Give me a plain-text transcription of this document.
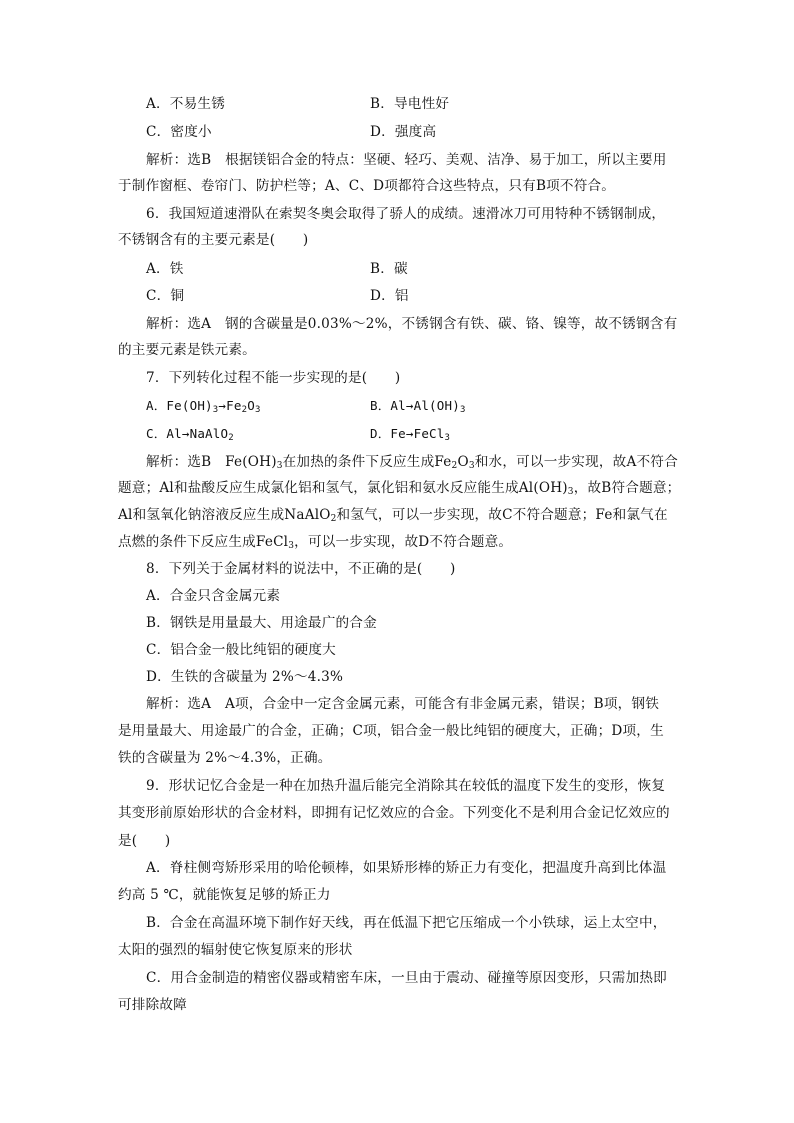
A．不易生锈	B．导电性好
C．密度小	D．强度高
解析：选B　根据镁铝合金的特点：坚硬、轻巧、美观、洁净、易于加工，所以主要用
于制作窗框、卷帘门、防护栏等；A、C、D项都符合这些特点，只有B项不符合。
6．我国短道速滑队在索契冬奥会取得了骄人的成绩。速滑冰刀可用特种不锈钢制成，
不锈钢含有的主要元素是(　　)
A．铁	B．碳
C．铜	D．铝
解析：选A　钢的含碳量是0.03%～2%，不锈钢含有铁、碳、铬、镍等，故不锈钢含有
的主要元素是铁元素。
7．下列转化过程不能一步实现的是(　　)
A．$Fe(OH)_3\to Fe_2O_3$	B．$Al\to Al(OH)_3$
C．Al→NaAlO$_2$	D．Fe→FeCl$_3$
解析：选B　$Fe(OH)_3$在加热的条件下反应生成$Fe_2O_3$和水，可以一步实现，故A不符合
题意；Al和盐酸反应生成氯化铝和氢气，氯化铝和氨水反应能生成$Al(OH)_3$，故B符合题意；
Al和氢氧化钠溶液反应生成NaAlO$_2$和氢气，可以一步实现，故C不符合题意；Fe和氯气在
点燃的条件下反应生成FeCl$_3$，可以一步实现，故D不符合题意。
8．下列关于金属材料的说法中，不正确的是(　　)
A．合金只含金属元素
B．钢铁是用量最大、用途最广的合金
C．铝合金一般比纯铝的硬度大
D．生铁的含碳量为 2%～4.3%
解析：选A　A项，合金中一定含金属元素，可能含有非金属元素，错误；B项，钢铁
是用量最大、用途最广的合金，正确；C项，铝合金一般比纯铝的硬度大，正确；D项，生
铁的含碳量为 2%～4.3%，正确。
9．形状记忆合金是一种在加热升温后能完全消除其在较低的温度下发生的变形，恢复
其变形前原始形状的合金材料，即拥有记忆效应的合金。下列变化不是利用合金记忆效应的
是(　　)
A．脊柱侧弯矫形采用的哈伦顿棒，如果矫形棒的矫正力有变化，把温度升高到比体温
约高 5 ℃，就能恢复足够的矫正力
B．合金在高温环境下制作好天线，再在低温下把它压缩成一个小铁球，运上太空中，
太阳的强烈的辐射使它恢复原来的形状
C．用合金制造的精密仪器或精密车床，一旦由于震动、碰撞等原因变形，只需加热即
可排除故障
